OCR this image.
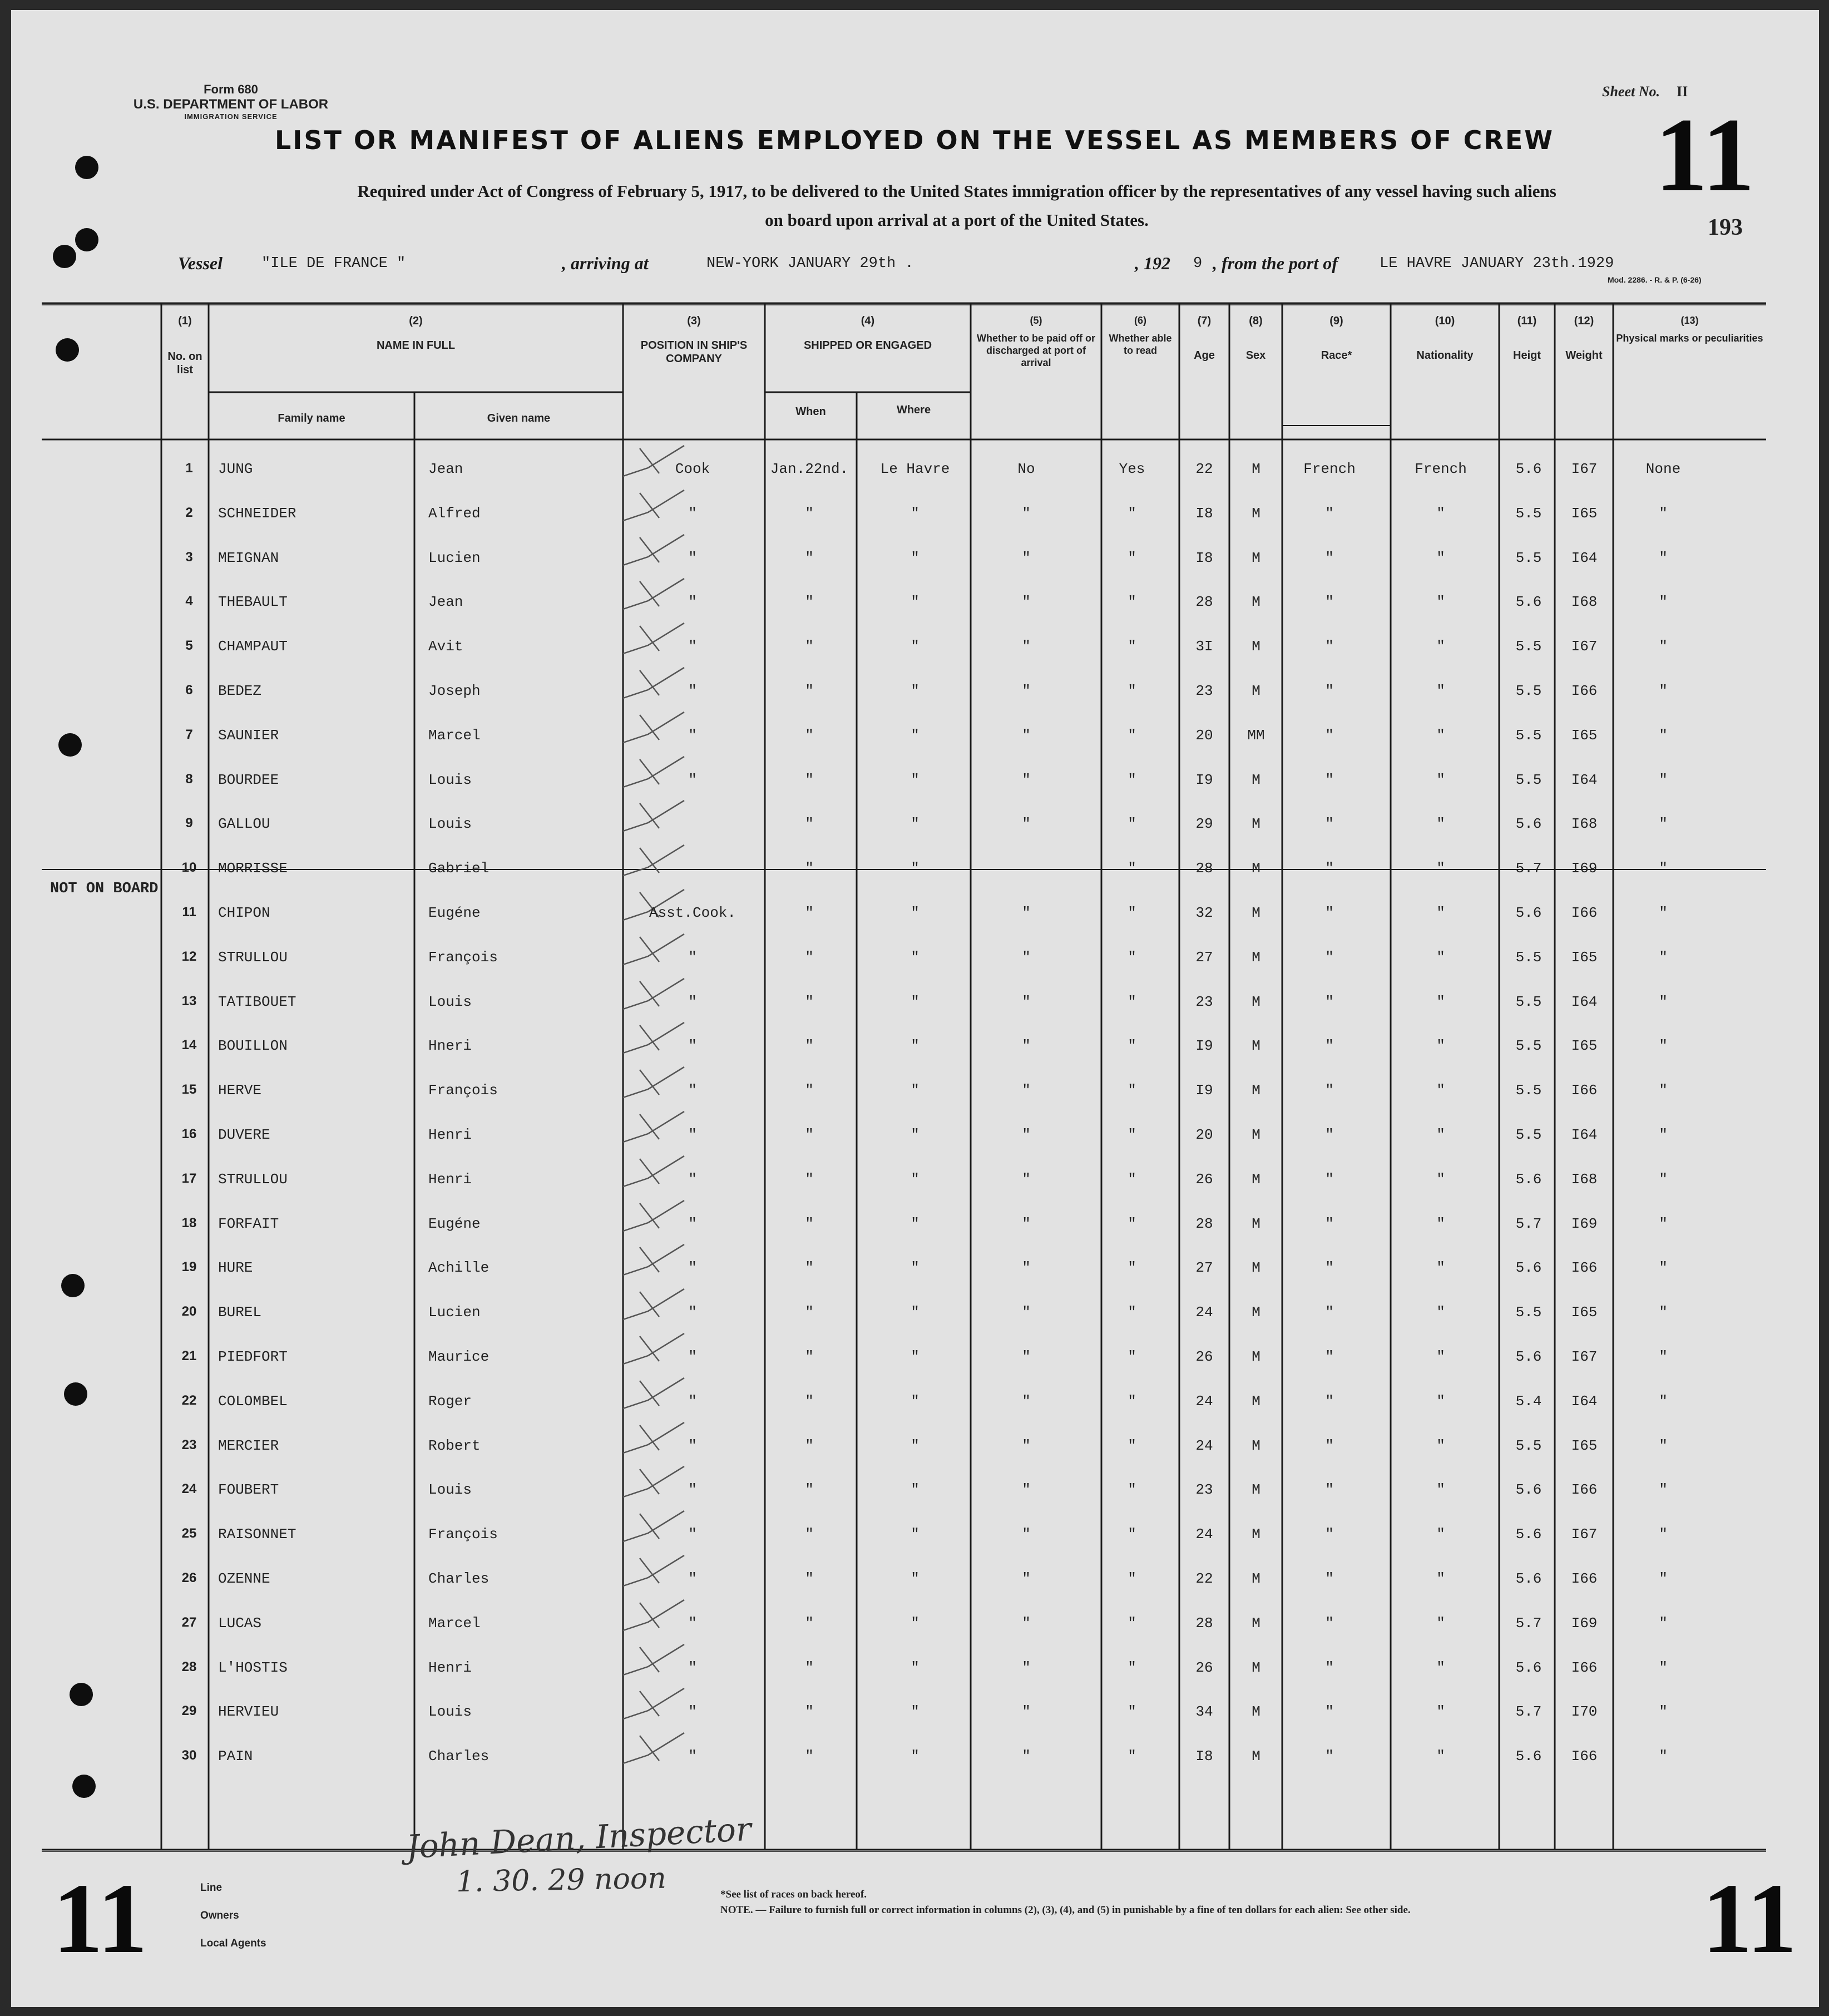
Form 680
U.S. DEPARTMENT OF LABOR
IMMIGRATION SERVICE
Sheet No. II
11
193
LIST OR MANIFEST OF ALIENS EMPLOYED ON THE VESSEL AS MEMBERS OF CREW
Required under Act of Congress of February 5, 1917, to be delivered to the United States immigration officer by the representatives of any vessel having such aliens
on board upon arrival at a port of the United States.
Vessel	"ILE DE FRANCE "	, arriving at	NEW-YORK JANUARY 29th .	, 192 9 , from the port of	LE HAVRE JANUARY 23th.1929
Mod. 2286. - R. & P. (6-26)
(1)
No. on list
(2)
NAME IN FULL
Family name	Given name
(3)
POSITION IN SHIP'S COMPANY
(4)
SHIPPED OR ENGAGED
When	Where
(5)
Whether to be paid off or discharged at port of arrival
(6)
Whether able to read
(7)
Age
(8)
Sex
(9)
Race*
(10)
Nationality
(11)
Heigt
(12)
Weight
(13)
Physical marks or peculiarities
NOT ON BOARD
1 JUNG	Jean	Cook	Jan.22nd. Le Havre	No	Yes	22	M	French	French	5.6 I67	None
2 SCHNEIDER	Alfred	"	"	"	"	"	I8	M	"	"	5.5 I65	"
3 MEIGNAN	Lucien	"	"	"	"	"	I8	M	"	"	5.5 I64	"
4 THEBAULT	Jean	"	"	"	"	"	28	M	"	"	5.6 I68	"
5 CHAMPAUT	Avit	"	"	"	"	"	3I	M	"	"	5.5 I67	"
6 BEDEZ	Joseph	"	"	"	"	"	23	M	"	"	5.5 I66	"
7 SAUNIER	Marcel	"	"	"	"	"	20 MM	"	"	5.5 I65	"
8 BOURDEE	Louis	"	"	"	"	"	I9	M	"	"	5.5 I64	"
9 GALLOU	Louis	"	"	"	"	29	M	"	"	5.6 I68	"
10 MORRISSE	Gabriel	"	"	"	28	M	"	"	5.7 I69	"
11 CHIPON	Eugéne	Asst.Cook.	"	"	"	"	32	M	"	"	5.6 I66	"
12 STRULLOU	François	"	"	"	"	"	27	M	"	"	5.5 I65	"
13 TATIBOUET	Louis	"	"	"	"	"	23	M	"	"	5.5 I64	"
14 BOUILLON	Hneri	"	"	"	"	"	I9	M	"	"	5.5 I65	"
15 HERVE	François	"	"	"	"	"	I9	M	"	"	5.5 I66	"
16 DUVERE	Henri	"	"	"	"	"	20	M	"	"	5.5 I64	"
17 STRULLOU	Henri	"	"	"	"	"	26	M	"	"	5.6 I68	"
18 FORFAIT	Eugéne	"	"	"	"	"	28	M	"	"	5.7 I69	"
19 HURE	Achille	"	"	"	"	"	27	M	"	"	5.6 I66	"
20 BUREL	Lucien	"	"	"	"	"	24	M	"	"	5.5 I65	"
21 PIEDFORT	Maurice	"	"	"	"	"	26	M	"	"	5.6 I67	"
22 COLOMBEL	Roger	"	"	"	"	"	24	M	"	"	5.4 I64	"
23 MERCIER	Robert	"	"	"	"	"	24	M	"	"	5.5 I65	"
24 FOUBERT	Louis	"	"	"	"	"	23	M	"	"	5.6 I66	"
25 RAISONNET	François	"	"	"	"	"	24	M	"	"	5.6 I67	"
26 OZENNE	Charles	"	"	"	"	"	22	M	"	"	5.6 I66	"
27 LUCAS	Marcel	"	"	"	"	"	28	M	"	"	5.7 I69	"
28 L'HOSTIS	Henri	"	"	"	"	"	26	M	"	"	5.6 I66	"
29 HERVIEU	Louis	"	"	"	"	"	34	M	"	"	5.7 I70	"
30 PAIN	Charles	"	"	"	"	"	I8	M	"	"	5.6 I66	"
John Dean, Inspector
1. 30. 29 noon
Line
Owners
Local Agents
*See list of races on back hereof.
NOTE. — Failure to furnish full or correct information in columns (2), (3), (4), and (5) in punishable by a fine of ten dollars for each alien: See other side.
11	11
